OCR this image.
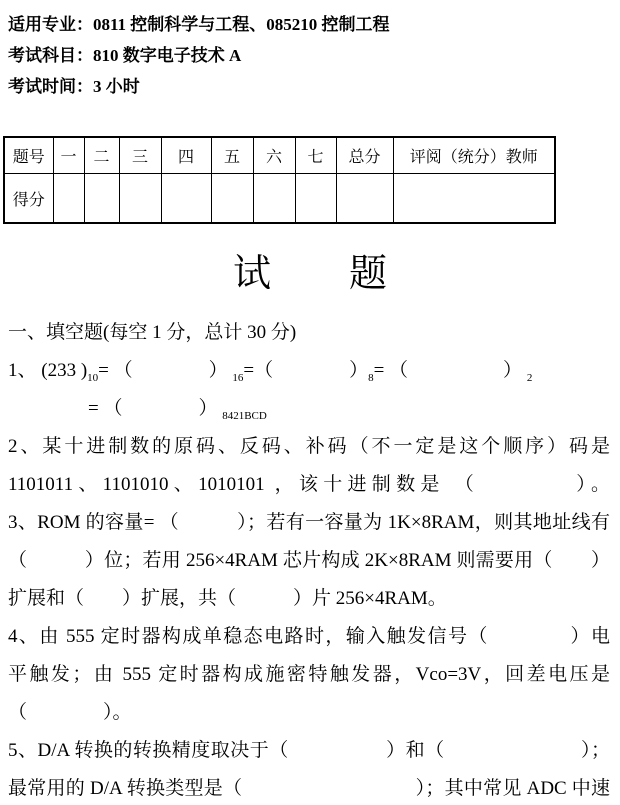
适用专业：0811 控制科学与工程、085210 控制工程
考试科目：810 数字电子技术 A
考试时间：3 小时
题号	一	二	三	四	五	六	七	总分	评阅（统分）教师
得分									
试 题
一、填空题(每空 1 分，总计 30 分)
1、 (233 )$_{10}=$ （　　　　） $_{16}$=（　　　　）$_8=$ （　　　　　） $_2$
= （　　　　） $_{8421BCD}$
2、某十进制数的原码、反码、补码（不一定是这个顺序）码是
1101011、1101010、1010101 ，该十进制数是 （　　　　）。
3、ROM 的容量= （　　　）；若有一容量为 1K×8RAM，则其地址线有
（　　　）位；若用 256×4RAM 芯片构成 2K×8RAM 则需要用（　　）
扩展和（　　）扩展，共（　　　）片 256×4RAM。
4、由 555 定时器构成单稳态电路时，输入触发信号（　　　　）电
平触发；由 555 定时器构成施密特触发器，Vco=3V，回差电压是
（　　　　）。
5、D/A 转换的转换精度取决于（　　　　　）和（　　　　　　　）；
最常用的 D/A 转换类型是（　　　　　　　　　）；其中常见 ADC 中速
